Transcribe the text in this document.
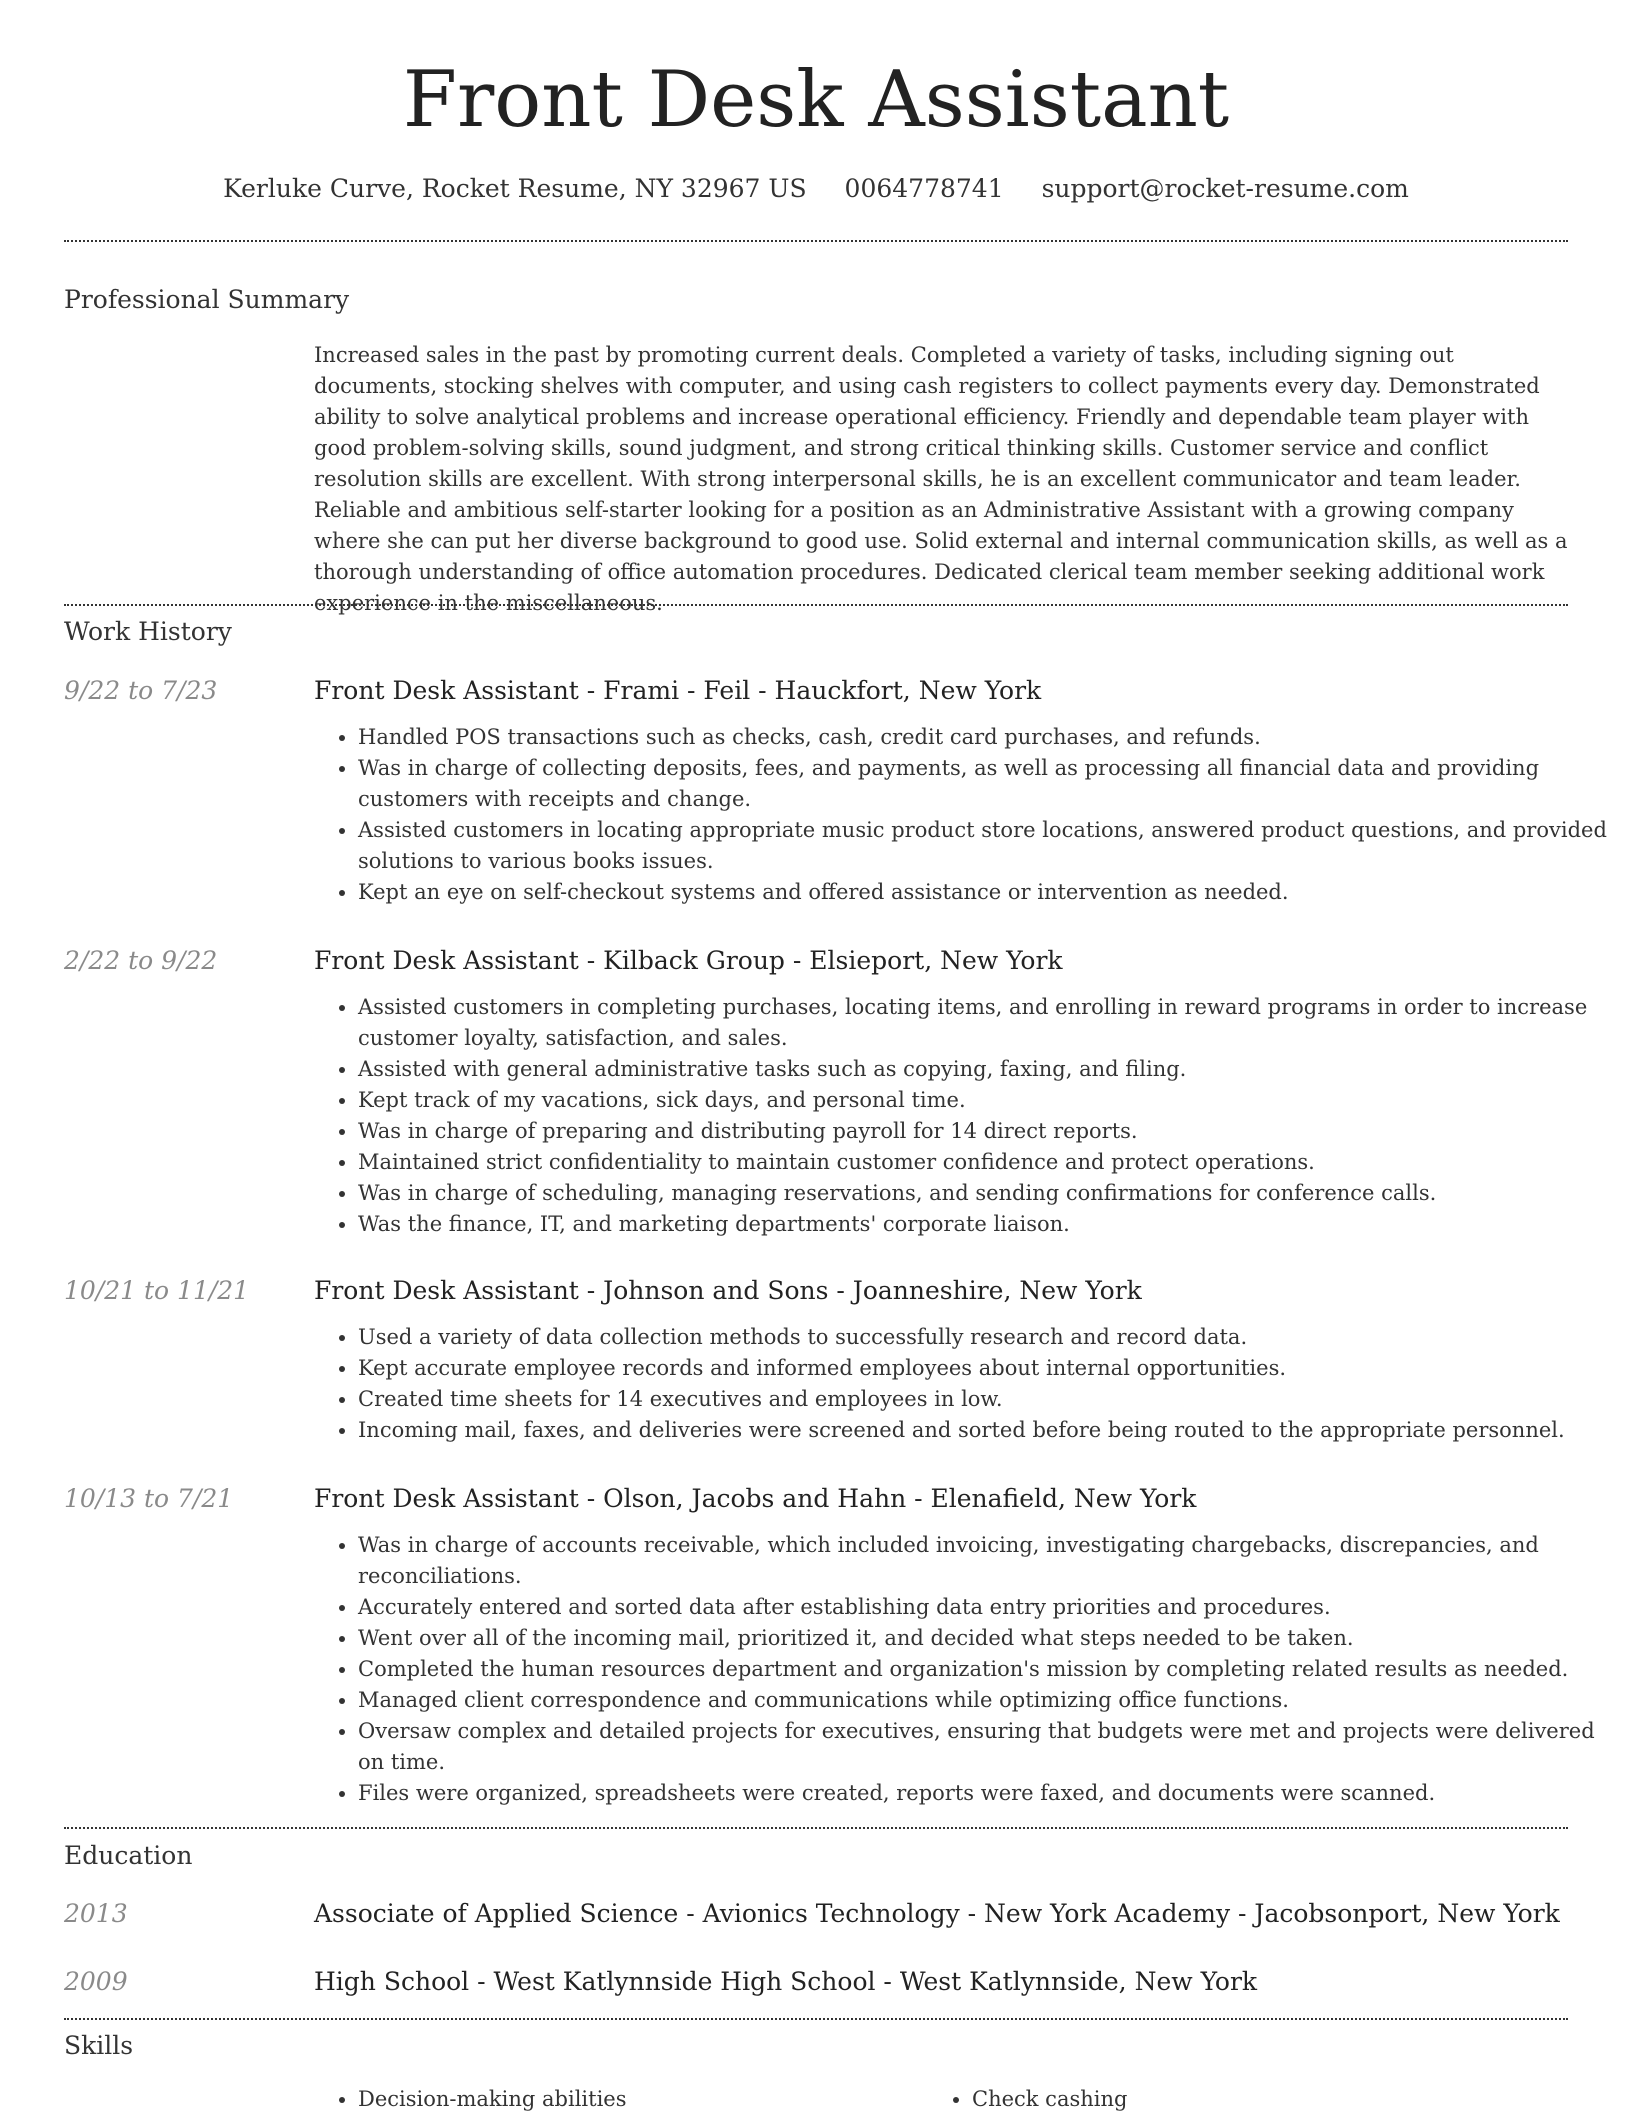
Front Desk Assistant
Kerluke Curve, Rocket Resume, NY 32967 US 0064778741 support@rocket-resume.com
Professional Summary

Increased sales in the past by promoting current deals. Completed a variety of tasks, including signing out documents, stocking shelves with computer, and using cash registers to collect payments every day. Demonstrated ability to solve analytical problems and increase operational efficiency. Friendly and dependable team player with good problem-solving skills, sound judgment, and strong critical thinking skills. Customer service and conflict resolution skills are excellent. With strong interpersonal skills, he is an excellent communicator and team leader. Reliable and ambitious self-starter looking for a position as an Administrative Assistant with a growing company where she can put her diverse background to good use. Solid external and internal communication skills, as well as a thorough understanding of office automation procedures. Dedicated clerical team member seeking additional work experience in the miscellaneous.

Work History
9/22 to 7/23	Front Desk Assistant - Frami - Feil - Hauckfort, New York
• Handled POS transactions such as checks, cash, credit card purchases, and refunds.
• Was in charge of collecting deposits, fees, and payments, as well as processing all financial data and providing customers with receipts and change.
• Assisted customers in locating appropriate music product store locations, answered product questions, and provided solutions to various books issues.
• Kept an eye on self-checkout systems and offered assistance or intervention as needed.
2/22 to 9/22	Front Desk Assistant - Kilback Group - Elsieport, New York
• Assisted customers in completing purchases, locating items, and enrolling in reward programs in order to increase customer loyalty, satisfaction, and sales.
• Assisted with general administrative tasks such as copying, faxing, and filing.
• Kept track of my vacations, sick days, and personal time.
• Was in charge of preparing and distributing payroll for 14 direct reports.
• Maintained strict confidentiality to maintain customer confidence and protect operations.
• Was in charge of scheduling, managing reservations, and sending confirmations for conference calls.
• Was the finance, IT, and marketing departments' corporate liaison.
10/21 to 11/21	Front Desk Assistant - Johnson and Sons - Joanneshire, New York
• Used a variety of data collection methods to successfully research and record data.
• Kept accurate employee records and informed employees about internal opportunities.
• Created time sheets for 14 executives and employees in low.
• Incoming mail, faxes, and deliveries were screened and sorted before being routed to the appropriate personnel.
10/13 to 7/21	Front Desk Assistant - Olson, Jacobs and Hahn - Elenafield, New York
• Was in charge of accounts receivable, which included invoicing, investigating chargebacks, discrepancies, and reconciliations.
• Accurately entered and sorted data after establishing data entry priorities and procedures.
• Went over all of the incoming mail, prioritized it, and decided what steps needed to be taken.
• Completed the human resources department and organization's mission by completing related results as needed.
• Managed client correspondence and communications while optimizing office functions.
• Oversaw complex and detailed projects for executives, ensuring that budgets were met and projects were delivered on time.
• Files were organized, spreadsheets were created, reports were faxed, and documents were scanned.
Education
2013	Associate of Applied Science - Avionics Technology - New York Academy - Jacobsonport, New York
2009	High School - West Katlynnside High School - West Katlynnside, New York
Skills
• Decision-making abilities
•	Check cashing
